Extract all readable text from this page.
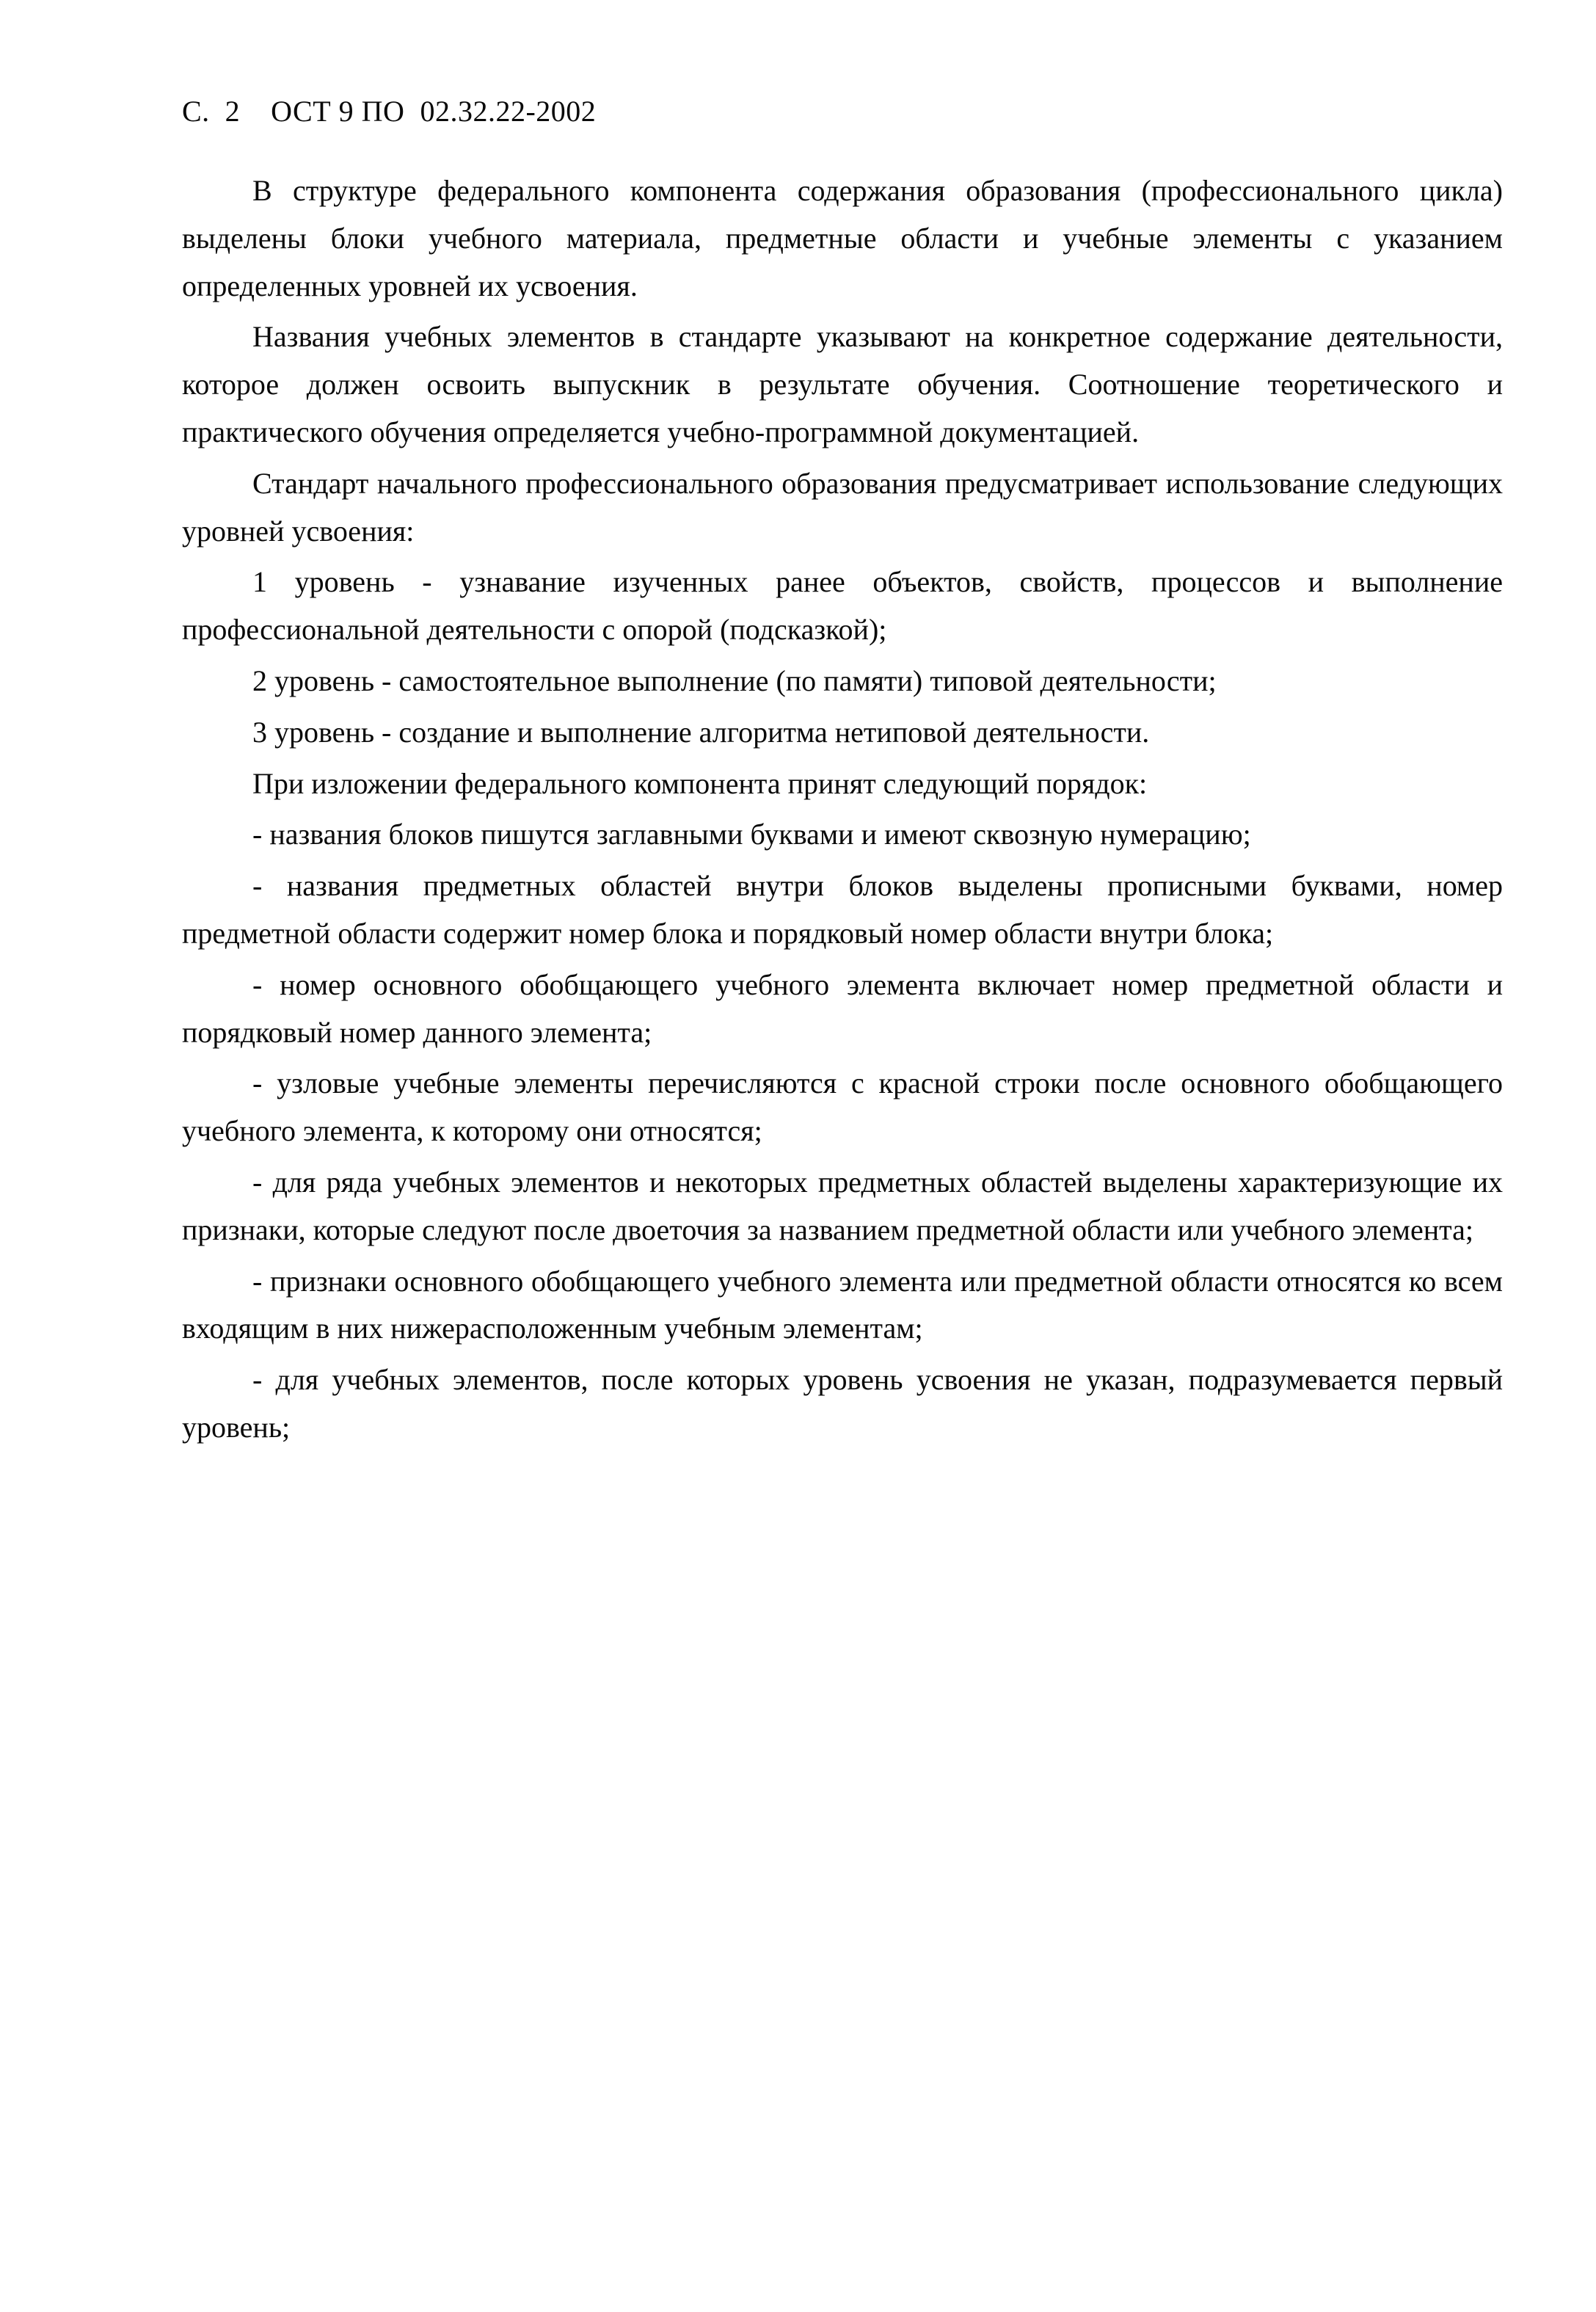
С.  2    ОСТ 9 ПО  02.32.22-2002

В структуре федерального компонента содержания образования (профессионального цикла) выделены блоки учебного материала, предметные области и учебные элементы с указанием определенных уровней их усвоения.

Названия учебных элементов в стандарте указывают на конкретное содержание деятельности, которое должен освоить выпускник в результате обучения. Соотношение теоретического и практического обучения определяется учебно-программной документацией.

Стандарт начального профессионального образования предусматривает использование следующих уровней усвоения:

1 уровень - узнавание изученных ранее объектов, свойств, процессов и выполнение профессиональной деятельности с опорой (подсказкой);

2 уровень - самостоятельное выполнение (по памяти) типовой деятельности;

3 уровень - создание и выполнение алгоритма нетиповой деятельности.

При изложении федерального компонента принят следующий порядок:

- названия блоков пишутся заглавными буквами и имеют сквозную нумерацию;

- названия предметных областей внутри блоков выделены прописными буквами, номер предметной области содержит номер блока и порядковый номер области внутри блока;

- номер основного обобщающего учебного элемента включает номер предметной области и порядковый номер данного элемента;

- узловые учебные элементы перечисляются с красной строки после основного обобщающего учебного элемента, к которому они относятся;

- для ряда учебных элементов и некоторых предметных областей выделены характеризующие их признаки, которые следуют после двоеточия за названием предметной области или учебного элемента;

- признаки основного обобщающего учебного элемента или предметной области относятся ко всем входящим в них нижерасположенным учебным элементам;

- для учебных элементов, после которых уровень усвоения не указан, подразумевается первый уровень;
